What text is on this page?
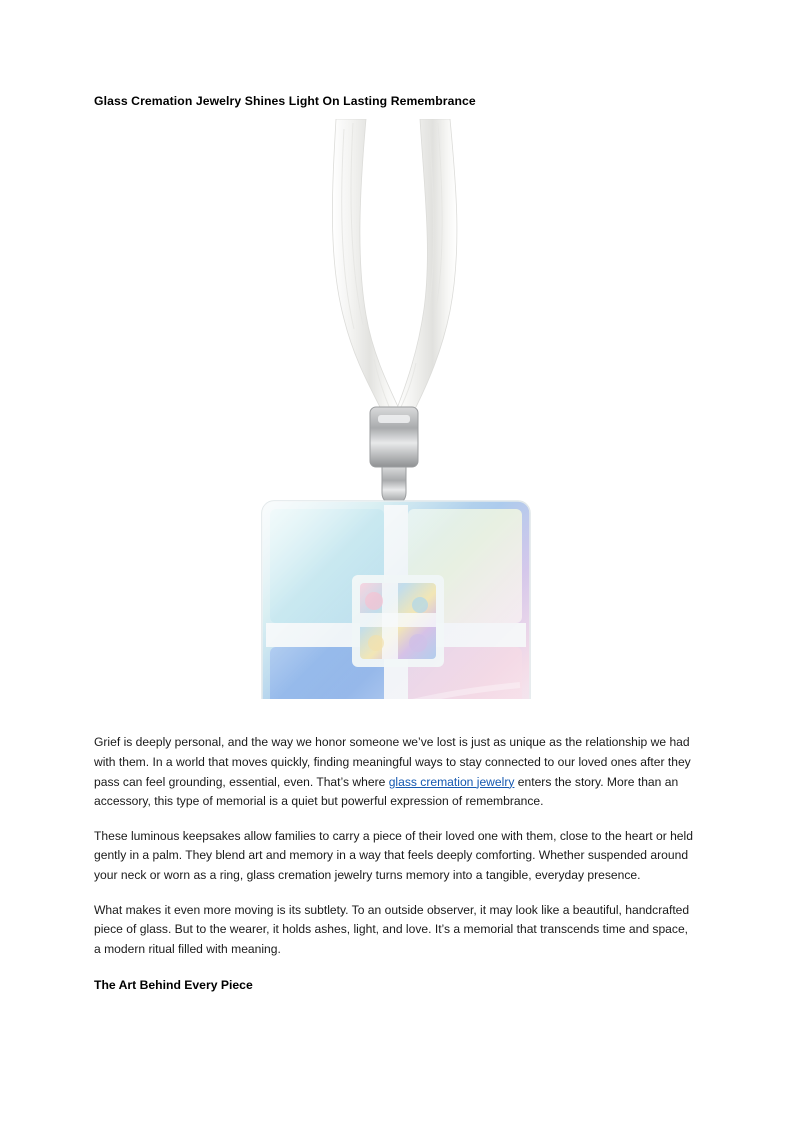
Glass Cremation Jewelry Shines Light On Lasting Remembrance

Grief is deeply personal, and the way we honor someone we’ve lost is just as unique as the relationship we had with them. In a world that moves quickly, finding meaningful ways to stay connected to our loved ones after they pass can feel grounding, essential, even. That’s where glass cremation jewelry enters the story. More than an accessory, this type of memorial is a quiet but powerful expression of remembrance.

These luminous keepsakes allow families to carry a piece of their loved one with them, close to the heart or held gently in a palm. They blend art and memory in a way that feels deeply comforting. Whether suspended around your neck or worn as a ring, glass cremation jewelry turns memory into a tangible, everyday presence.

What makes it even more moving is its subtlety. To an outside observer, it may look like a beautiful, handcrafted piece of glass. But to the wearer, it holds ashes, light, and love. It’s a memorial that transcends time and space, a modern ritual filled with meaning.

The Art Behind Every Piece
